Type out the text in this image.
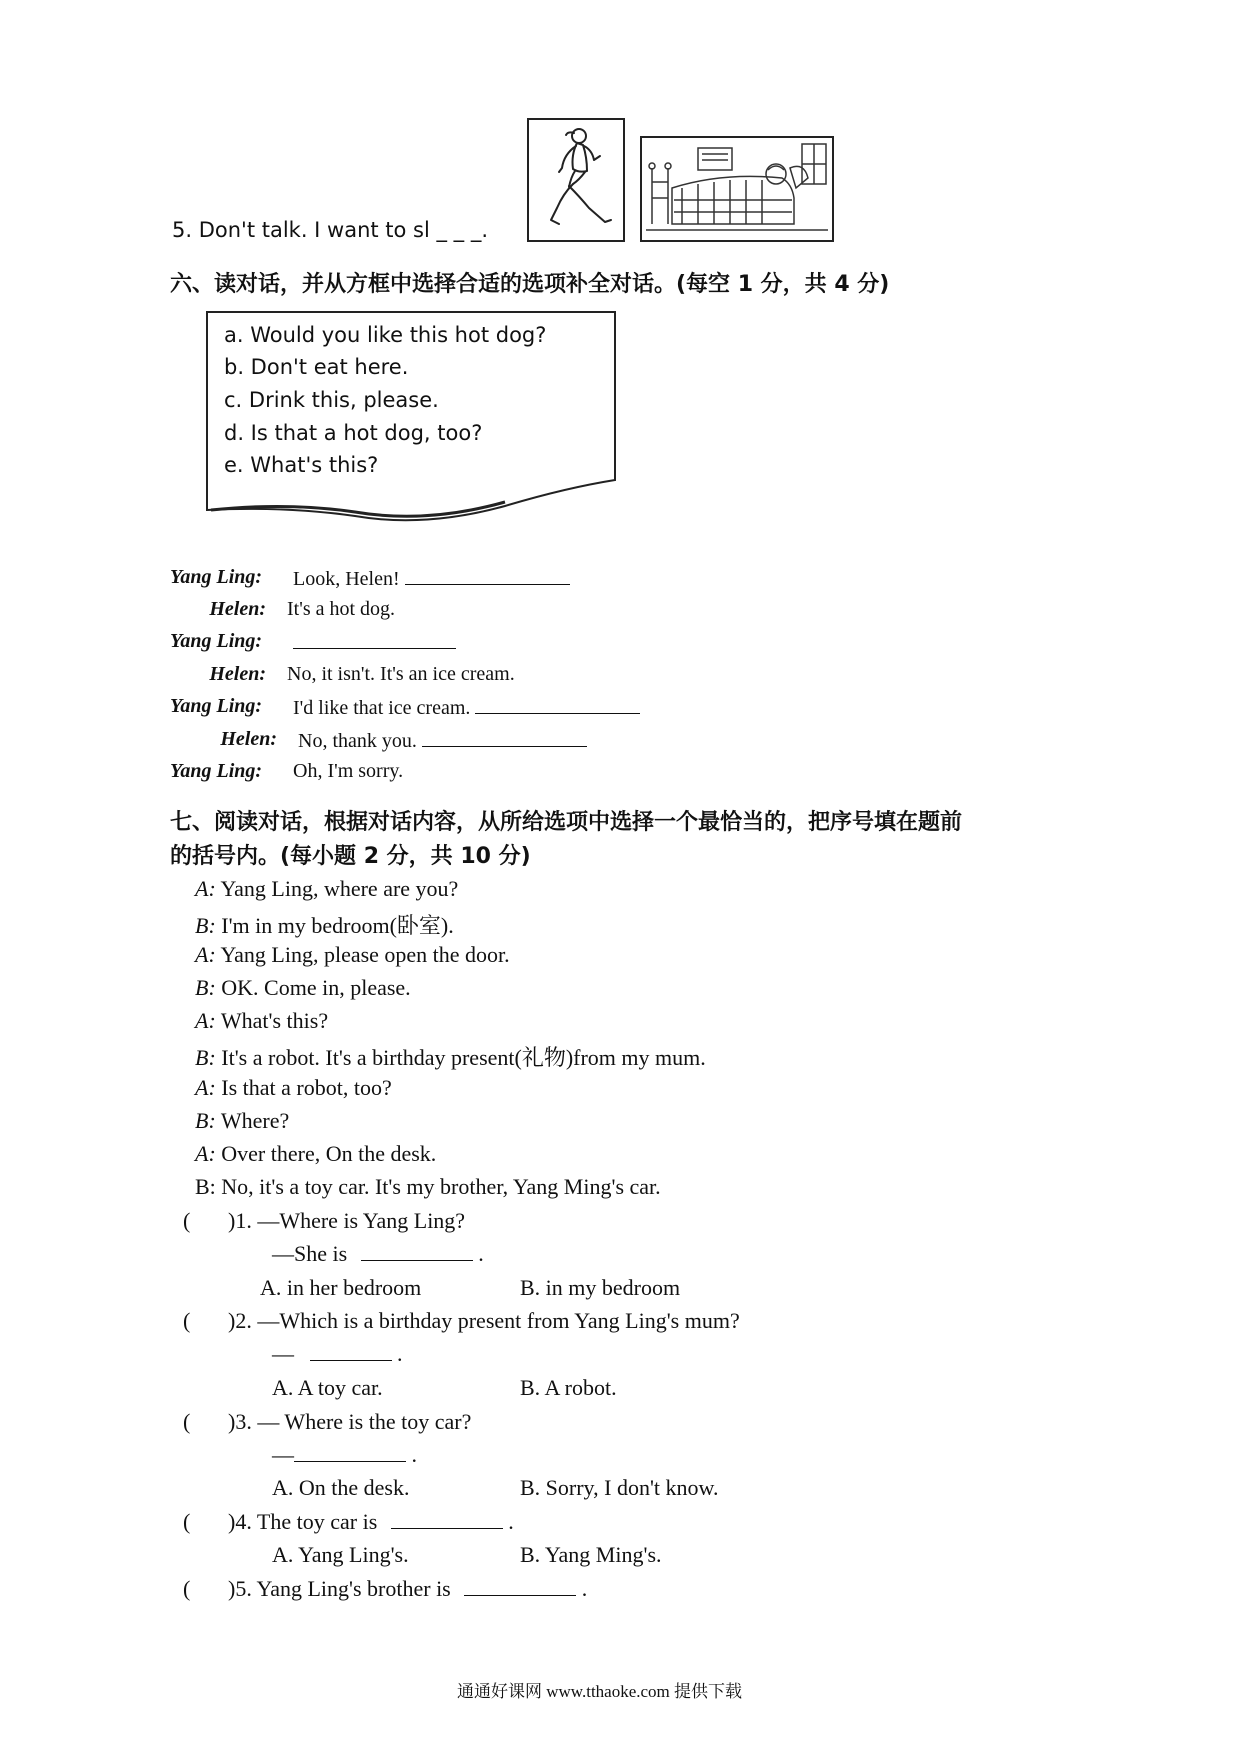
5. Don't talk. I want to sl _ _ _.
六、读对话，并从方框中选择合适的选项补全对话。(每空 1 分，共 4 分)
a. Would you like this hot dog?
b. Don't eat here.
c. Drink this, please.
d. Is that a hot dog, too?
e. What's this?
Yang Ling:	Look, Helen!
Helen: It's a hot dog.
Yang Ling:
Helen: No, it isn't. It's an ice cream.
Yang Ling:	I'd like that ice cream.
Helen: No, thank you.
Yang Ling:	Oh, I'm sorry.
七、阅读对话，根据对话内容，从所给选项中选择一个最恰当的，把序号填在题前
的括号内。(每小题 2 分，共 10 分)
A: Yang Ling, where are you?
B: I'm in my bedroom(卧室).
A: Yang Ling, please open the door.
B: OK. Come in, please.
A: What's this?
B: It's a robot. It's a birthday present(礼物)from my mum.
A: Is that a robot, too?
B: Where?
A: Over there, On the desk.
B: No, it's a toy car. It's my brother, Yang Ming's car.
( )1. —Where is Yang Ling?
—She is	.
A. in her bedroom	B. in my bedroom
( )2. —Which is a birthday present from Yang Ling's mum?
—	.
A. A toy car.	B. A robot.
( )3. — Where is the toy car?
—	.
A. On the desk.	B. Sorry, I don't know.
( )4. The toy car is	.
A. Yang Ling's.	B. Yang Ming's.
( )5. Yang Ling's brother is	.
通通好课网 www.tthaoke.com 提供下载
